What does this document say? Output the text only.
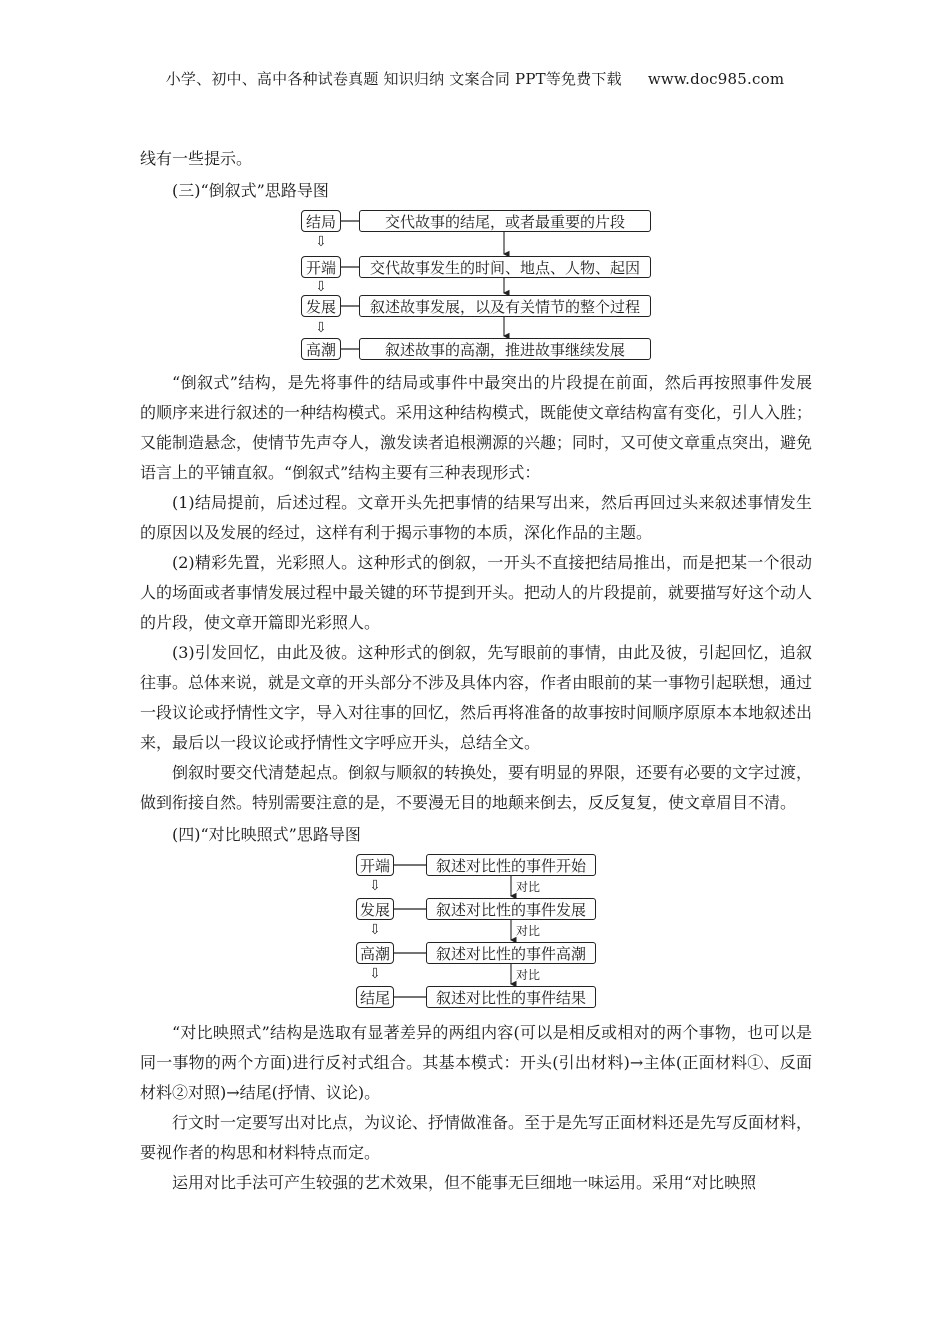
小学、初中、高中各种试卷真题 知识归纳 文案合同 PPT等免费下载 www.doc985.com
线有一些提示。
(三)“倒叙式”思路导图
结局	交代故事的结尾，或者最重要的片段
⇩
开端	交代故事发生的时间、地点、人物、起因
⇩
发展	叙述故事发展，以及有关情节的整个过程
⇩
高潮	叙述故事的高潮，推进故事继续发展

“倒叙式”结构，是先将事件的结局或事件中最突出的片段提在前面，然后再按照事件发展的顺序来进行叙述的一种结构模式。采用这种结构模式，既能使文章结构富有变化，引人入胜；又能制造悬念，使情节先声夺人，激发读者追根溯源的兴趣；同时，又可使文章重点突出，避免语言上的平铺直叙。“倒叙式”结构主要有三种表现形式：

(1)结局提前，后述过程。文章开头先把事情的结果写出来，然后再回过头来叙述事情发生的原因以及发展的经过，这样有利于揭示事物的本质，深化作品的主题。

(2)精彩先置，光彩照人。这种形式的倒叙，一开头不直接把结局推出，而是把某一个很动人的场面或者事情发展过程中最关键的环节提到开头。把动人的片段提前，就要描写好这个动人的片段，使文章开篇即光彩照人。

(3)引发回忆，由此及彼。这种形式的倒叙，先写眼前的事情，由此及彼，引起回忆，追叙往事。总体来说，就是文章的开头部分不涉及具体内容，作者由眼前的某一事物引起联想，通过一段议论或抒情性文字，导入对往事的回忆，然后再将准备的故事按时间顺序原原本本地叙述出来，最后以一段议论或抒情性文字呼应开头，总结全文。

倒叙时要交代清楚起点。倒叙与顺叙的转换处，要有明显的界限，还要有必要的文字过渡，做到衔接自然。特别需要注意的是，不要漫无目的地颠来倒去，反反复复，使文章眉目不清。

(四)“对比映照式”思路导图
开端	叙述对比性的事件开始
⇩	对比
发展	叙述对比性的事件发展
⇩	对比
高潮	叙述对比性的事件高潮
⇩	对比
结尾	叙述对比性的事件结果

“对比映照式”结构是选取有显著差异的两组内容(可以是相反或相对的两个事物，也可以是同一事物的两个方面)进行反衬式组合。其基本模式：开头(引出材料)→主体(正面材料①、反面材料②对照)→结尾(抒情、议论)。

行文时一定要写出对比点，为议论、抒情做准备。至于是先写正面材料还是先写反面材料，要视作者的构思和材料特点而定。

运用对比手法可产生较强的艺术效果，但不能事无巨细地一味运用。采用“对比映照
